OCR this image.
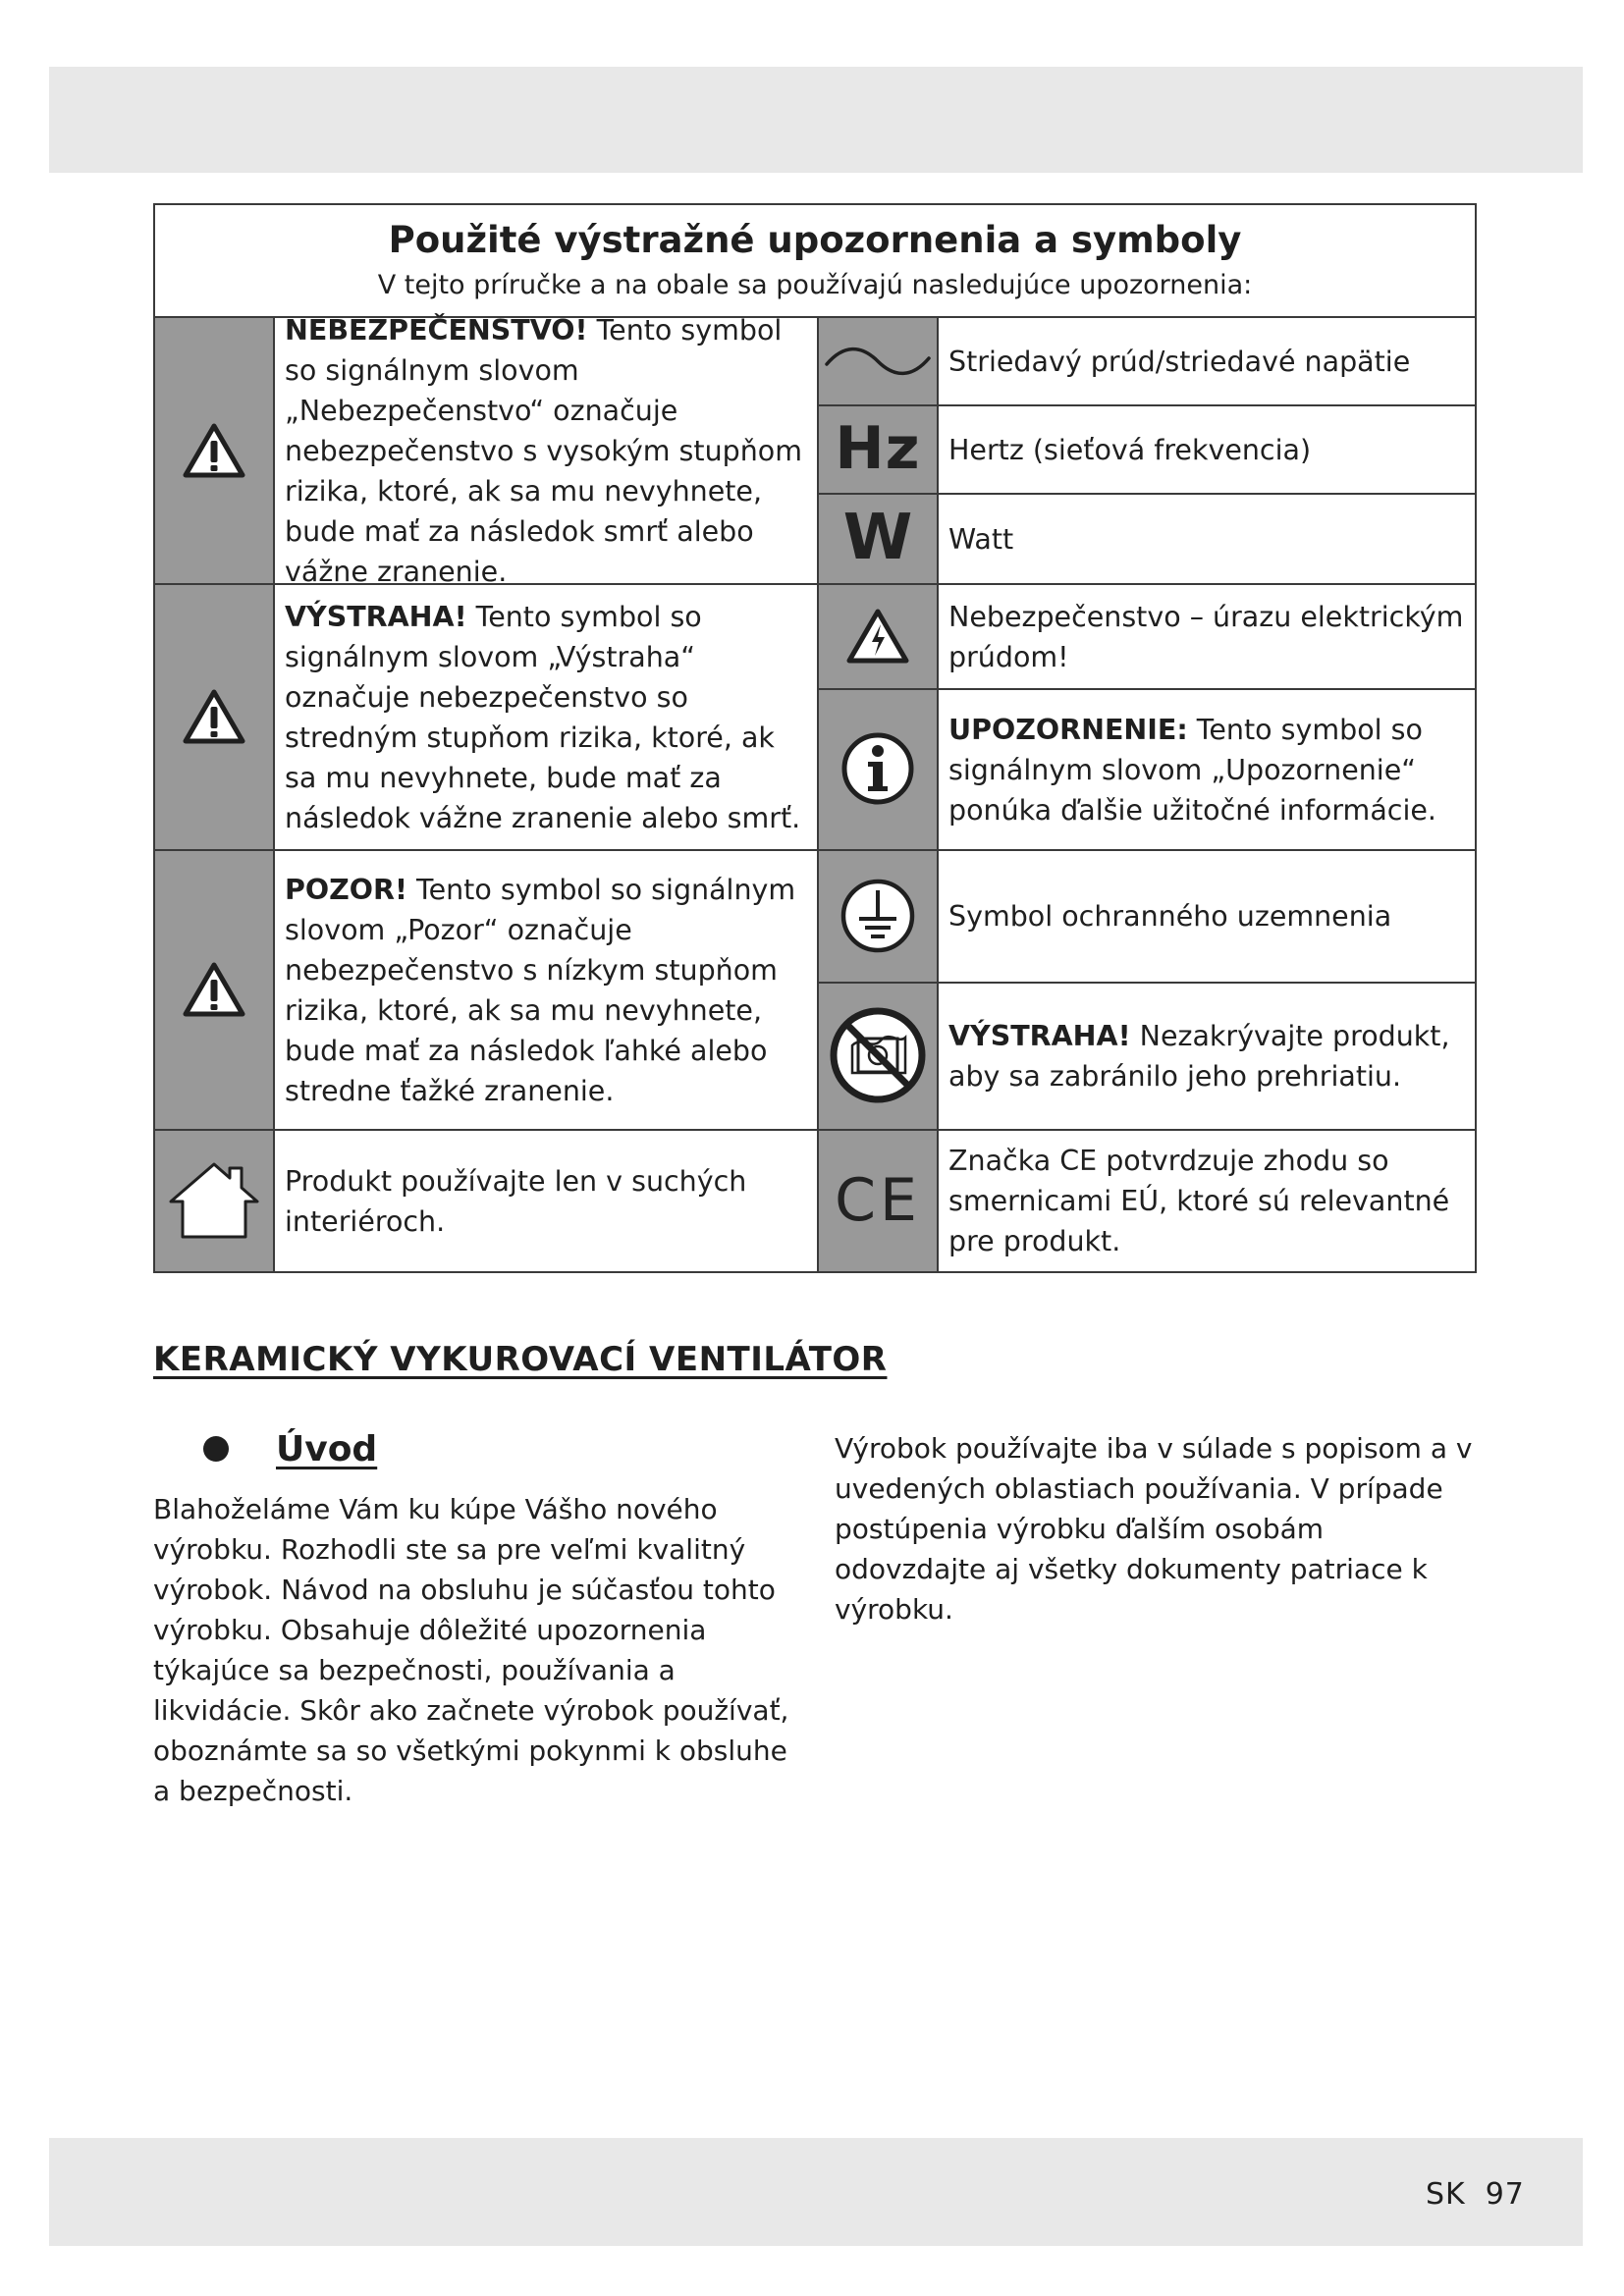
Použité výstražné upozornenia a symboly
V tejto príručke a na obale sa používajú nasledujúce upozornenia:
Hz
W
CE
NEBEZPEČENSTVO! Tento symbol so signálnym slovom „Nebezpečenstvo“ označuje nebezpečenstvo s vysokým stupňom rizika, ktoré, ak sa mu nevyhnete, bude mať za následok smrť alebo vážne zranenie.
VÝSTRAHA! Tento symbol so signálnym slovom „Výstraha“ označuje nebezpečenstvo so stredným stupňom rizika, ktoré, ak sa mu nevyhnete, bude mať za následok vážne zranenie alebo smrť.
POZOR! Tento symbol so signálnym slovom „Pozor“ označuje nebezpečenstvo s nízkym stupňom rizika, ktoré, ak sa mu nevyhnete, bude mať za následok ľahké alebo stredne ťažké zranenie.
Produkt používajte len v suchých interiéroch.
Striedavý prúd/striedavé napätie
Hertz (sieťová frekvencia)
Watt
Nebezpečenstvo – úrazu elektrickým prúdom!
UPOZORNENIE: Tento symbol so signálnym slovom „Upozornenie“ ponúka ďalšie užitočné informácie.
Symbol ochranného uzemnenia
VÝSTRAHA! Nezakrývajte produkt, aby sa zabránilo jeho prehriatiu.
Značka CE potvrdzuje zhodu so smernicami EÚ, ktoré sú relevantné pre produkt.
KERAMICKÝ VYKUROVACÍ VENTILÁTOR
Úvod

Blahoželáme Vám ku kúpe Vášho nového výrobku. Rozhodli ste sa pre veľmi kvalitný výrobok. Návod na obsluhu je súčasťou tohto výrobku. Obsahuje dôležité upozornenia týkajúce sa bezpečnosti, používania a likvidácie. Skôr ako začnete výrobok používať, oboznámte sa so všetkými pokynmi k obsluhe a bezpečnosti.

Výrobok používajte iba v súlade s popisom a v uvedených oblastiach používania. V prípade postúpenia výrobku ďalším osobám odovzdajte aj všetky dokumenty patriace k výrobku.

SK 97
